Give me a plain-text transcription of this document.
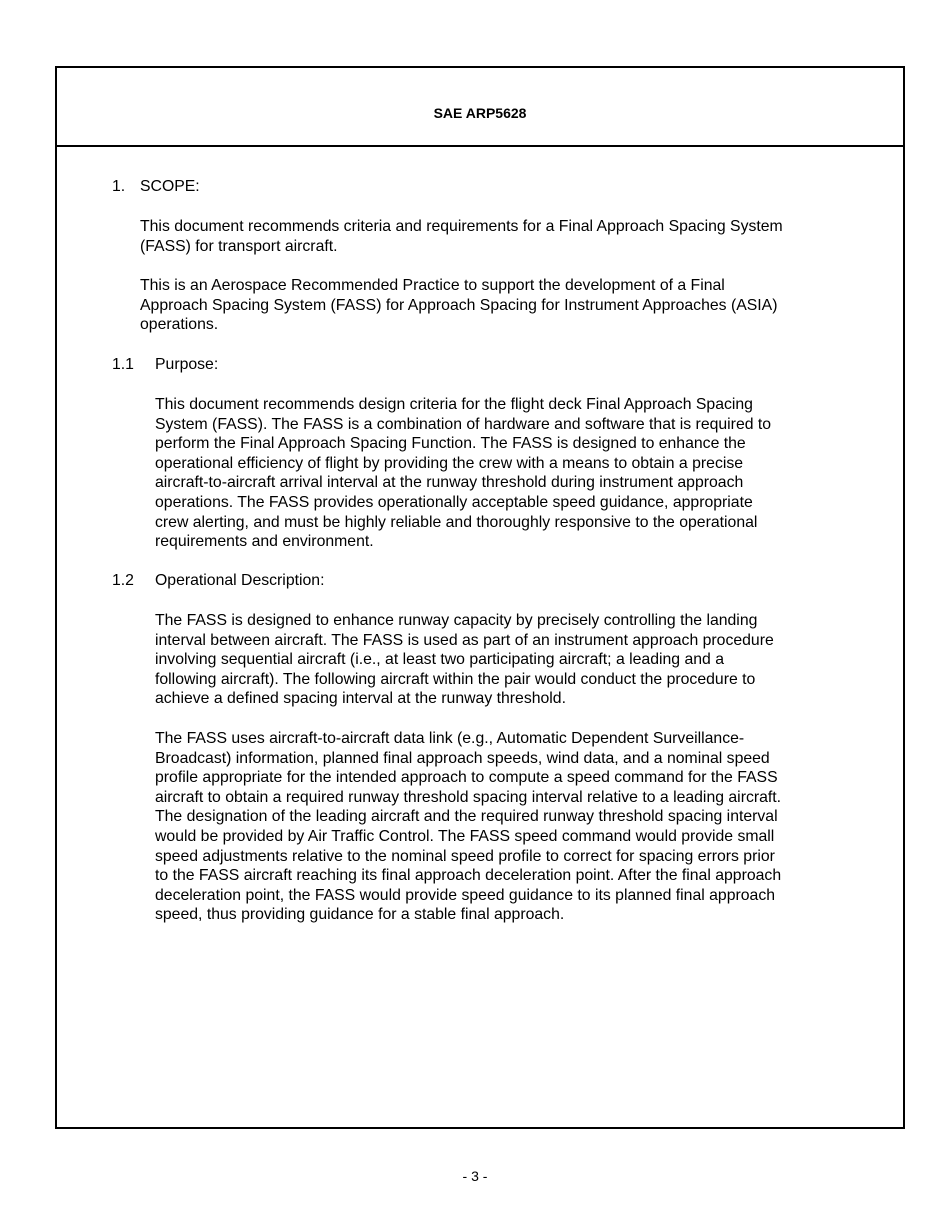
SAE ARP5628
1. SCOPE:
This document recommends criteria and requirements for a Final Approach Spacing System
(FASS) for transport aircraft.
This is an Aerospace Recommended Practice to support the development of a Final
Approach Spacing System (FASS) for Approach Spacing for Instrument Approaches (ASIA)
operations.
1.1 Purpose:
This document recommends design criteria for the flight deck Final Approach Spacing
System (FASS). The FASS is a combination of hardware and software that is required to
perform the Final Approach Spacing Function. The FASS is designed to enhance the
operational efficiency of flight by providing the crew with a means to obtain a precise
aircraft-to-aircraft arrival interval at the runway threshold during instrument approach
operations. The FASS provides operationally acceptable speed guidance, appropriate
crew alerting, and must be highly reliable and thoroughly responsive to the operational
requirements and environment.
1.2 Operational Description:
The FASS is designed to enhance runway capacity by precisely controlling the landing
interval between aircraft. The FASS is used as part of an instrument approach procedure
involving sequential aircraft (i.e., at least two participating aircraft; a leading and a
following aircraft). The following aircraft within the pair would conduct the procedure to
achieve a defined spacing interval at the runway threshold.
The FASS uses aircraft-to-aircraft data link (e.g., Automatic Dependent Surveillance-
Broadcast) information, planned final approach speeds, wind data, and a nominal speed
profile appropriate for the intended approach to compute a speed command for the FASS
aircraft to obtain a required runway threshold spacing interval relative to a leading aircraft.
The designation of the leading aircraft and the required runway threshold spacing interval
would be provided by Air Traffic Control. The FASS speed command would provide small
speed adjustments relative to the nominal speed profile to correct for spacing errors prior
to the FASS aircraft reaching its final approach deceleration point. After the final approach
deceleration point, the FASS would provide speed guidance to its planned final approach
speed, thus providing guidance for a stable final approach.
- 3 -
